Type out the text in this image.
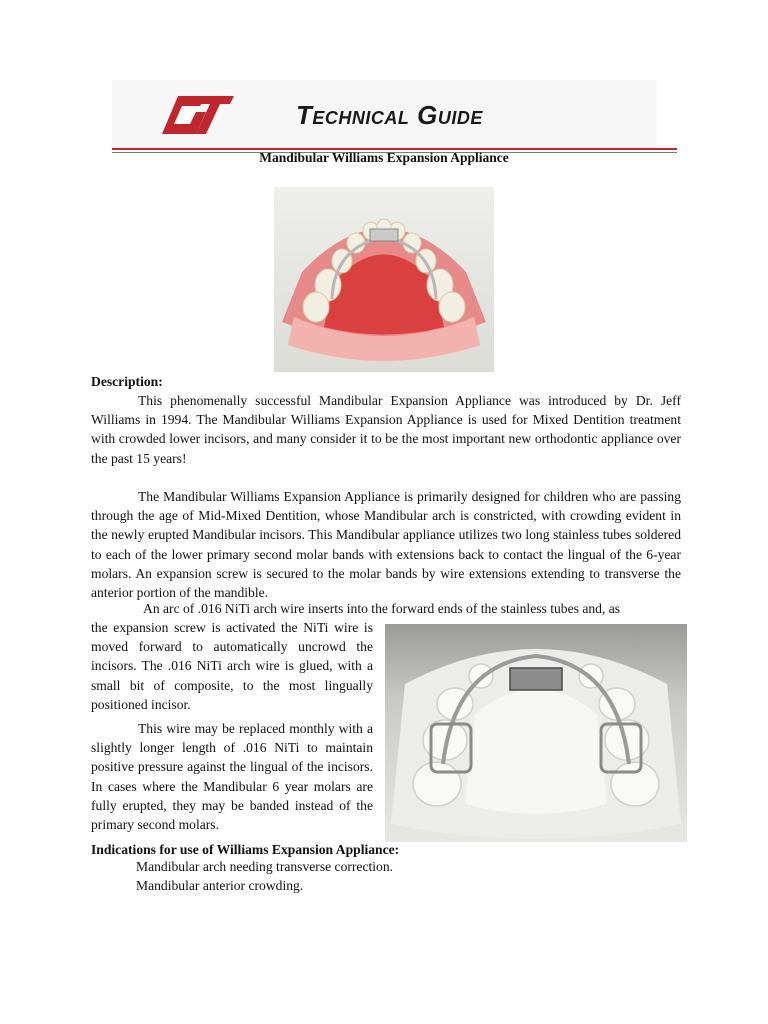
Technical Guide
Mandibular Williams Expansion Appliance

Description:

This phenomenally successful Mandibular Expansion Appliance was introduced by Dr. Jeff Williams in 1994. The Mandibular Williams Expansion Appliance is used for Mixed Dentition treatment with crowded lower incisors, and many consider it to be the most important new orthodontic appliance over the past 15 years!

The Mandibular Williams Expansion Appliance is primarily designed for children who are passing through the age of Mid-Mixed Dentition, whose Mandibular arch is constricted, with crowding evident in the newly erupted Mandibular incisors. This Mandibular appliance utilizes two long stainless tubes soldered to each of the lower primary second molar bands with extensions back to contact the lingual of the 6-year molars. An expansion screw is secured to the molar bands by wire extensions extending to transverse the anterior portion of the mandible.

An arc of .016 NiTi arch wire inserts into the forward ends of the stainless tubes and, as

the expansion screw is activated the NiTi wire is moved forward to automatically uncrowd the incisors. The .016 NiTi arch wire is glued, with a small bit of composite, to the most lingually positioned incisor.

This wire may be replaced monthly with a slightly longer length of .016 NiTi to maintain positive pressure against the lingual of the incisors. In cases where the Mandibular 6 year molars are fully erupted, they may be banded instead of the primary second molars.

Indications for use of Williams Expansion Appliance:

Mandibular arch needing transverse correction.
Mandibular anterior crowding.
